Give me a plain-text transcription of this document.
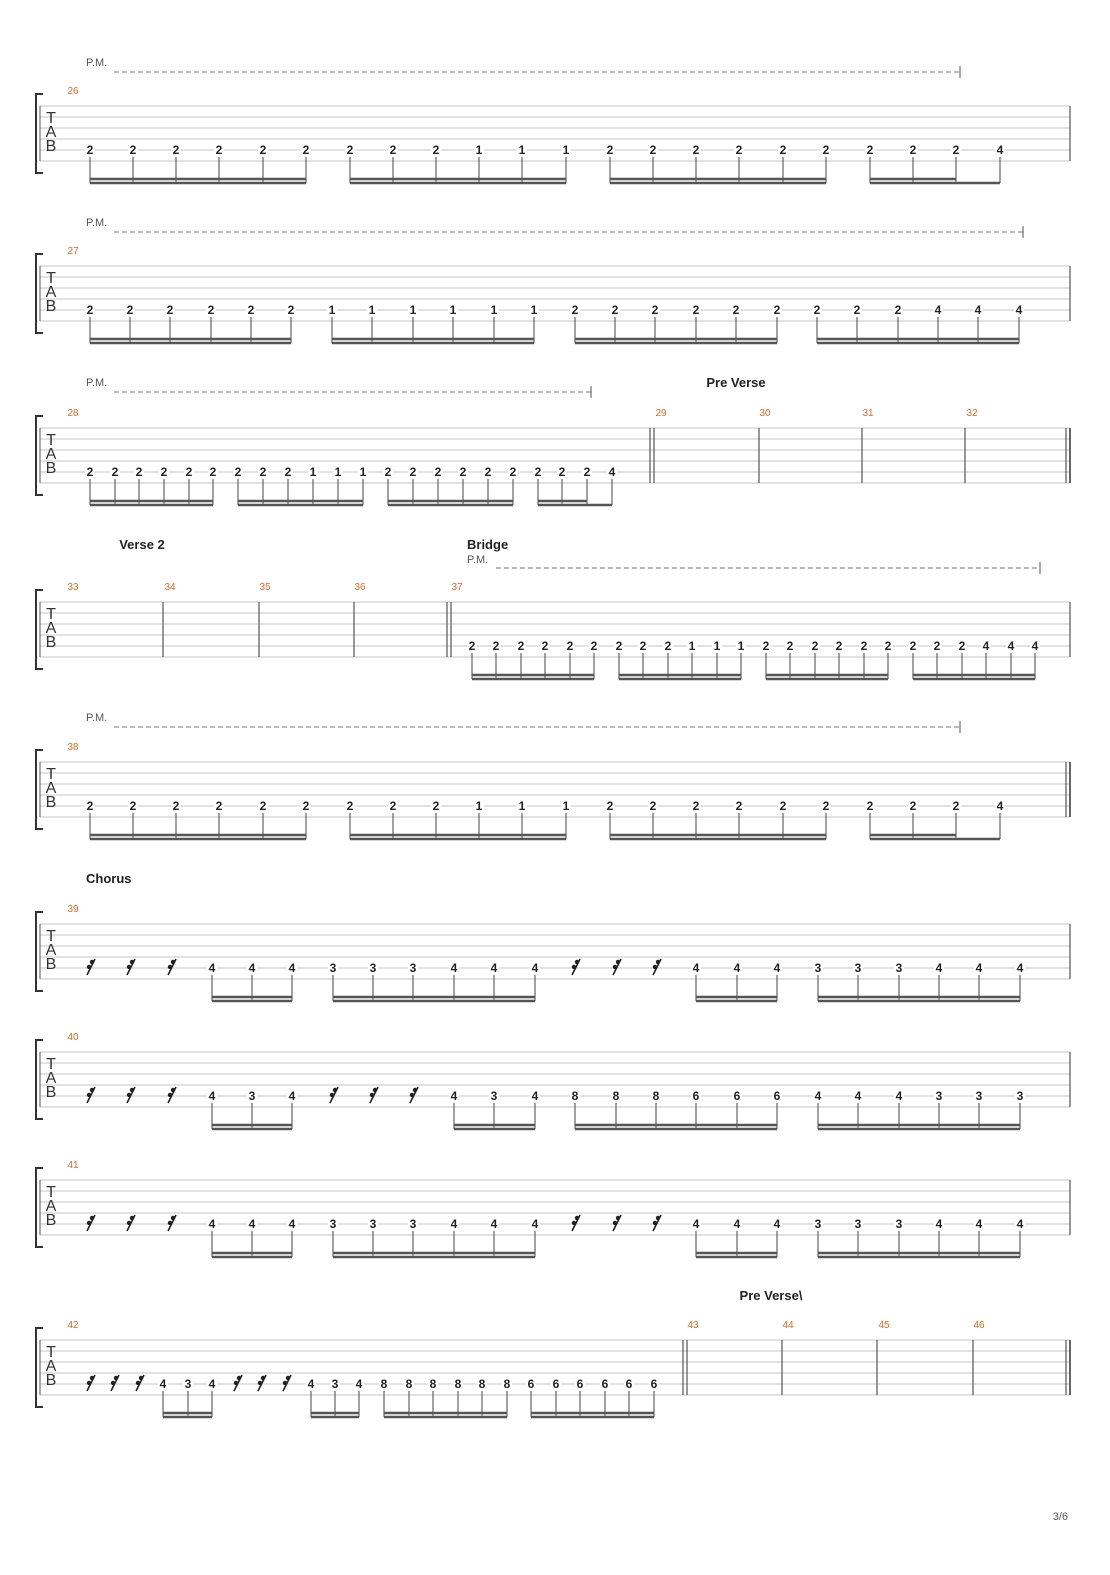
T
A
B
26
P.M.
2	2	2	2	2	2	2	2	2	1	1	1	2	2	2	2	2	2	2	2	2	4
T
A
B
27
P.M.
2	2	2	2	2	2	1	1	1	1	1	1	2	2	2	2	2	2	2	2	2	4	4	4
T
A
B
28	29	30	31	32
Pre Verse
P.M.
2 2 2 2 2 2 2 2 2 1 1 1 2 2 2 2 2 2 2 2 2 4
T
A
B
33	34	35	36	37
Verse 2	Bridge
P.M.
2 2 2 2 2 2 2 2 2 1 1 1 2 2 2 2 2 2 2 2 2 4 4 4
T
A
B
38
P.M.
2	2	2	2	2	2	2	2	2	1	1	1	2	2	2	2	2	2	2	2	2	4
T
A
B
39
Chorus
4	4	4	3	3	3	4	4	4	4	4	4	3	3	3	4	4	4
T
A
B
40
4	3	4	4	3	4	8	8	8	6	6	6	4	4	4	3	3	3
T
A
B
41
4	4	4	3	3	3	4	4	4	4	4	4	3	3	3	4	4	4
T
A
B
42	43	44	45	46
Pre Verse\
4 3 4	4 3 4 8 8 8 8 8 8 6 6 6 6 6 6
3/6
